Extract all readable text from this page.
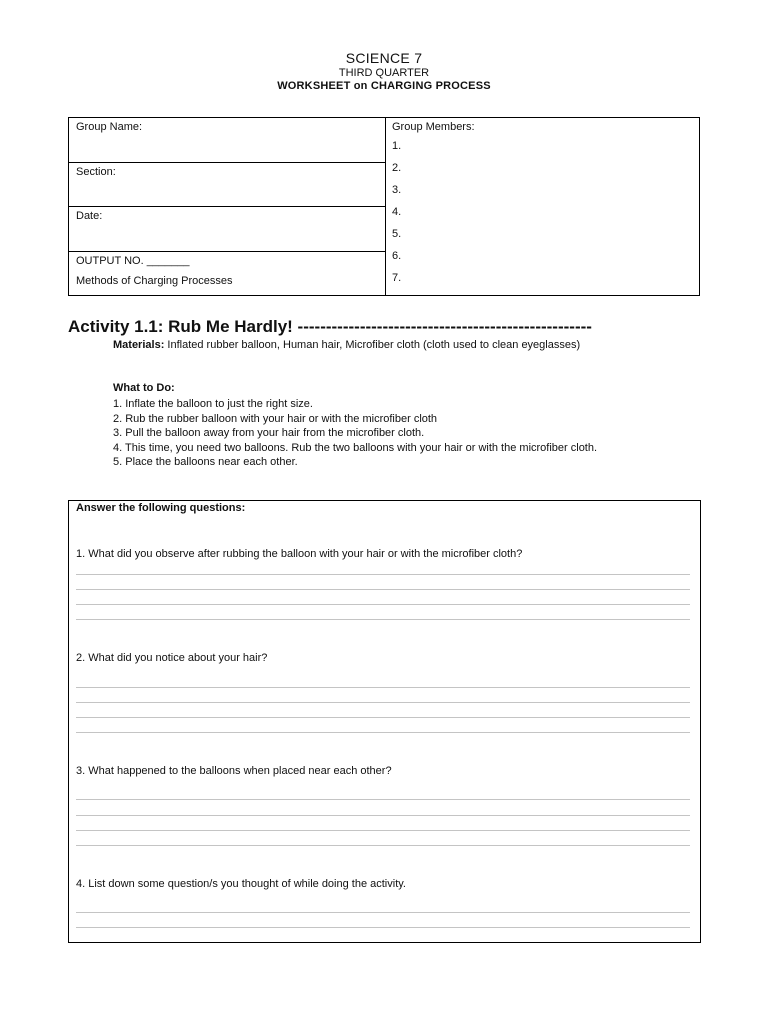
SCIENCE 7
THIRD QUARTER
WORKSHEET on CHARGING PROCESS
Group Name:
Section:
Date:
OUTPUT NO. _______
Methods of Charging Processes
Group Members:
1.
2.
3.
4.
5.
6.
7.
Activity 1.1: Rub Me Hardly! ----------------------------------------------------
Materials: Inflated rubber balloon, Human hair, Microfiber cloth (cloth used to clean eyeglasses)
What to Do:
1. Inflate the balloon to just the right size.
2. Rub the rubber balloon with your hair or with the microfiber cloth
3. Pull the balloon away from your hair from the microfiber cloth.
4. This time, you need two balloons. Rub the two balloons with your hair or with the microfiber cloth.
5. Place the balloons near each other.
Answer the following questions:
1. What did you observe after rubbing the balloon with your hair or with the microfiber cloth?
2. What did you notice about your hair?
3. What happened to the balloons when placed near each other?
4. List down some question/s you thought of while doing the activity.
